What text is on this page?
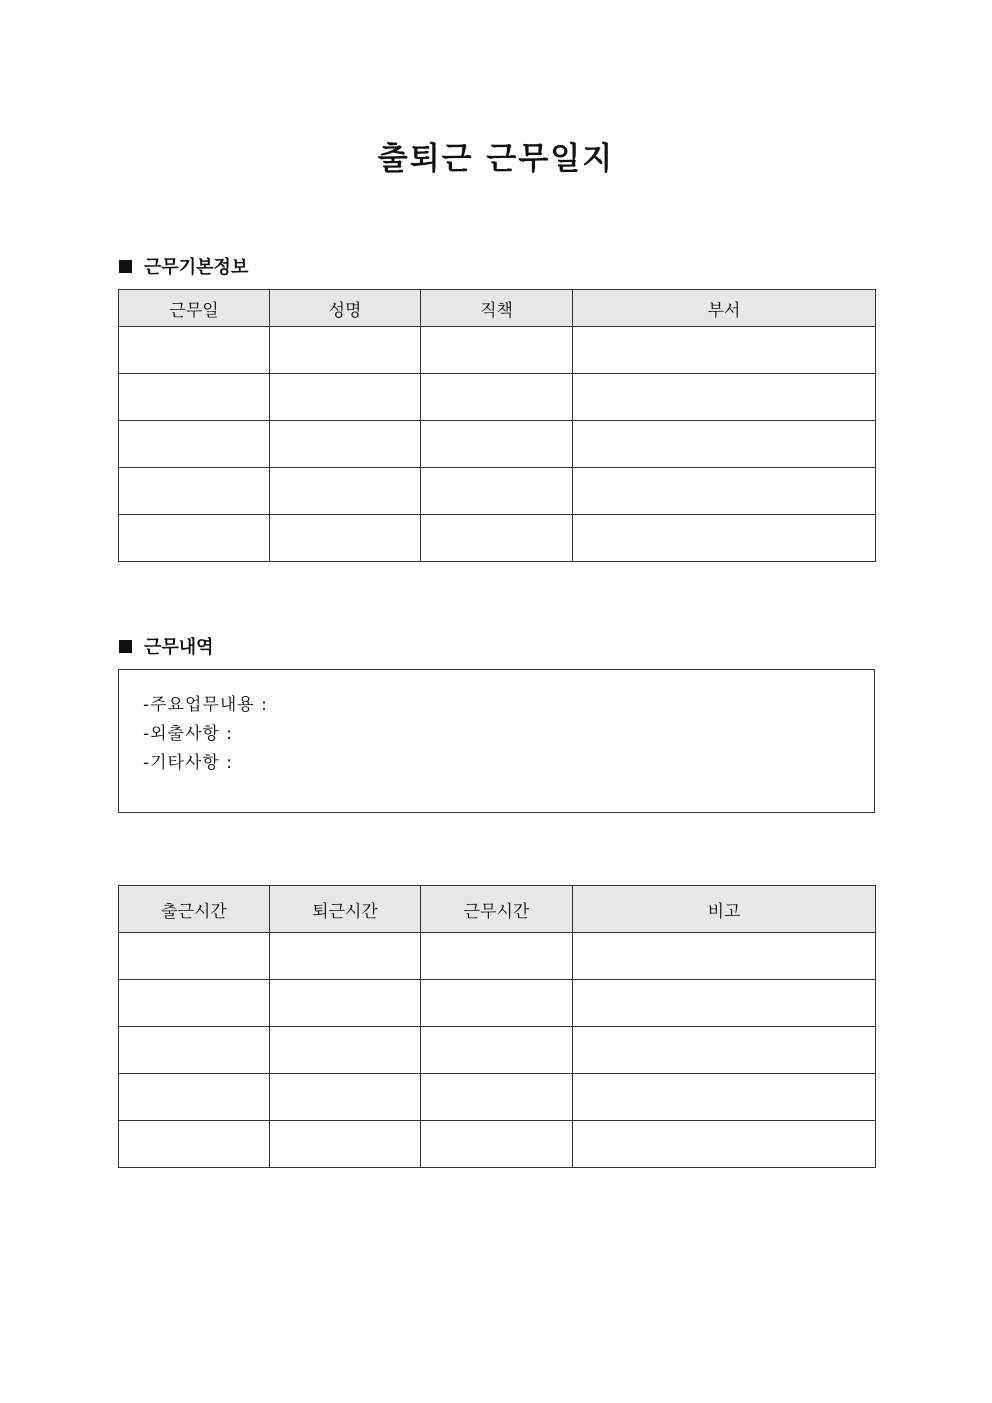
출퇴근 근무일지
근무기본정보
근무일	성명	직책	부서

근무내역
-주요업무내용 :
-외출사항 :
-기타사항 :
출근시간	퇴근시간	근무시간	비고
